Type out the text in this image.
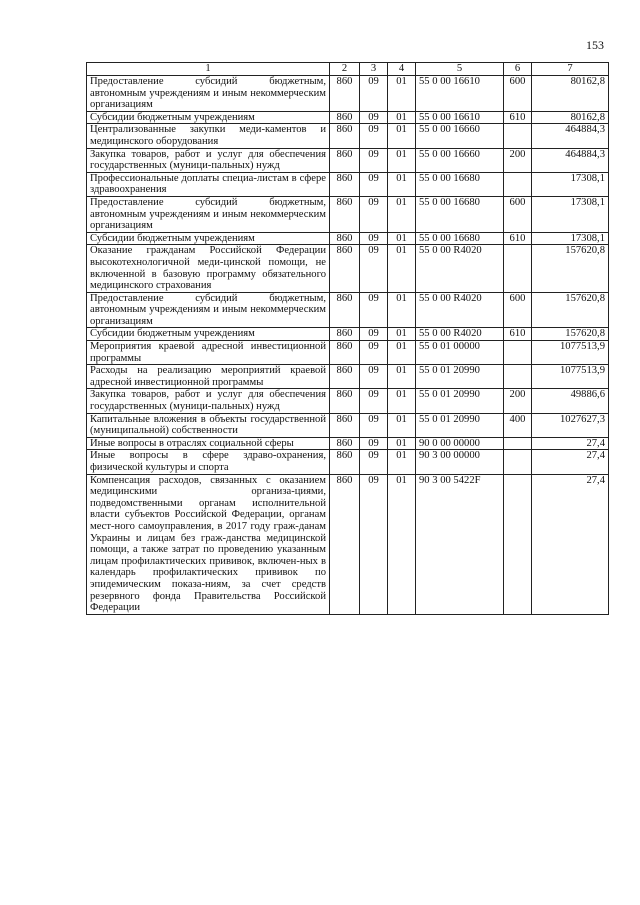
153
1	2	3	4	5	6	7
Предоставление субсидий бюджетным, автономным учреждениям и иным некоммерческим организациям	860	09	01	55 0 00 16610	600	80162,8
Субсидии бюджетным учреждениям	860	09	01	55 0 00 16610	610	80162,8
Централизованные закупки меди-каментов и медицинского оборудования	860	09	01	55 0 00 16660		464884,3
Закупка товаров, работ и услуг для обеспечения государственных (муници-пальных) нужд	860	09	01	55 0 00 16660	200	464884,3
Профессиональные доплаты специа-листам в сфере здравоохранения	860	09	01	55 0 00 16680		17308,1
Предоставление субсидий бюджетным, автономным учреждениям и иным некоммерческим организациям	860	09	01	55 0 00 16680	600	17308,1
Субсидии бюджетным учреждениям	860	09	01	55 0 00 16680	610	17308,1
Оказание гражданам Российской Федерации высокотехнологичной меди-цинской помощи, не включенной в базовую программу обязательного медицинского страхования	860	09	01	55 0 00 R4020		157620,8
Предоставление субсидий бюджетным, автономным учреждениям и иным некоммерческим организациям	860	09	01	55 0 00 R4020	600	157620,8
Субсидии бюджетным учреждениям	860	09	01	55 0 00 R4020	610	157620,8
Мероприятия краевой адресной инвестиционной программы	860	09	01	55 0 01 00000		1077513,9
Расходы на реализацию мероприятий краевой адресной инвестиционной программы	860	09	01	55 0 01 20990		1077513,9
Закупка товаров, работ и услуг для обеспечения государственных (муници-пальных) нужд	860	09	01	55 0 01 20990	200	49886,6
Капитальные вложения в объекты государственной (муниципальной) собственности	860	09	01	55 0 01 20990	400	1027627,3
Иные вопросы в отраслях социальной сферы	860	09	01	90 0 00 00000		27,4
Иные вопросы в сфере здраво-охранения, физической культуры и спорта	860	09	01	90 3 00 00000		27,4
Компенсация расходов, связанных с оказанием медицинскими организа-циями, подведомственными органам исполнительной власти субъектов Российской Федерации, органам мест-ного самоуправления, в 2017 году граж-данам Украины и лицам без граж-данства медицинской помощи, а также затрат по проведению указанным лицам профилактических прививок, включен-ных в календарь профилактических прививок по эпидемическим показа-ниям, за счет средств резервного фонда Правительства Российской Федерации	860	09	01	90 3 00 5422F		27,4
